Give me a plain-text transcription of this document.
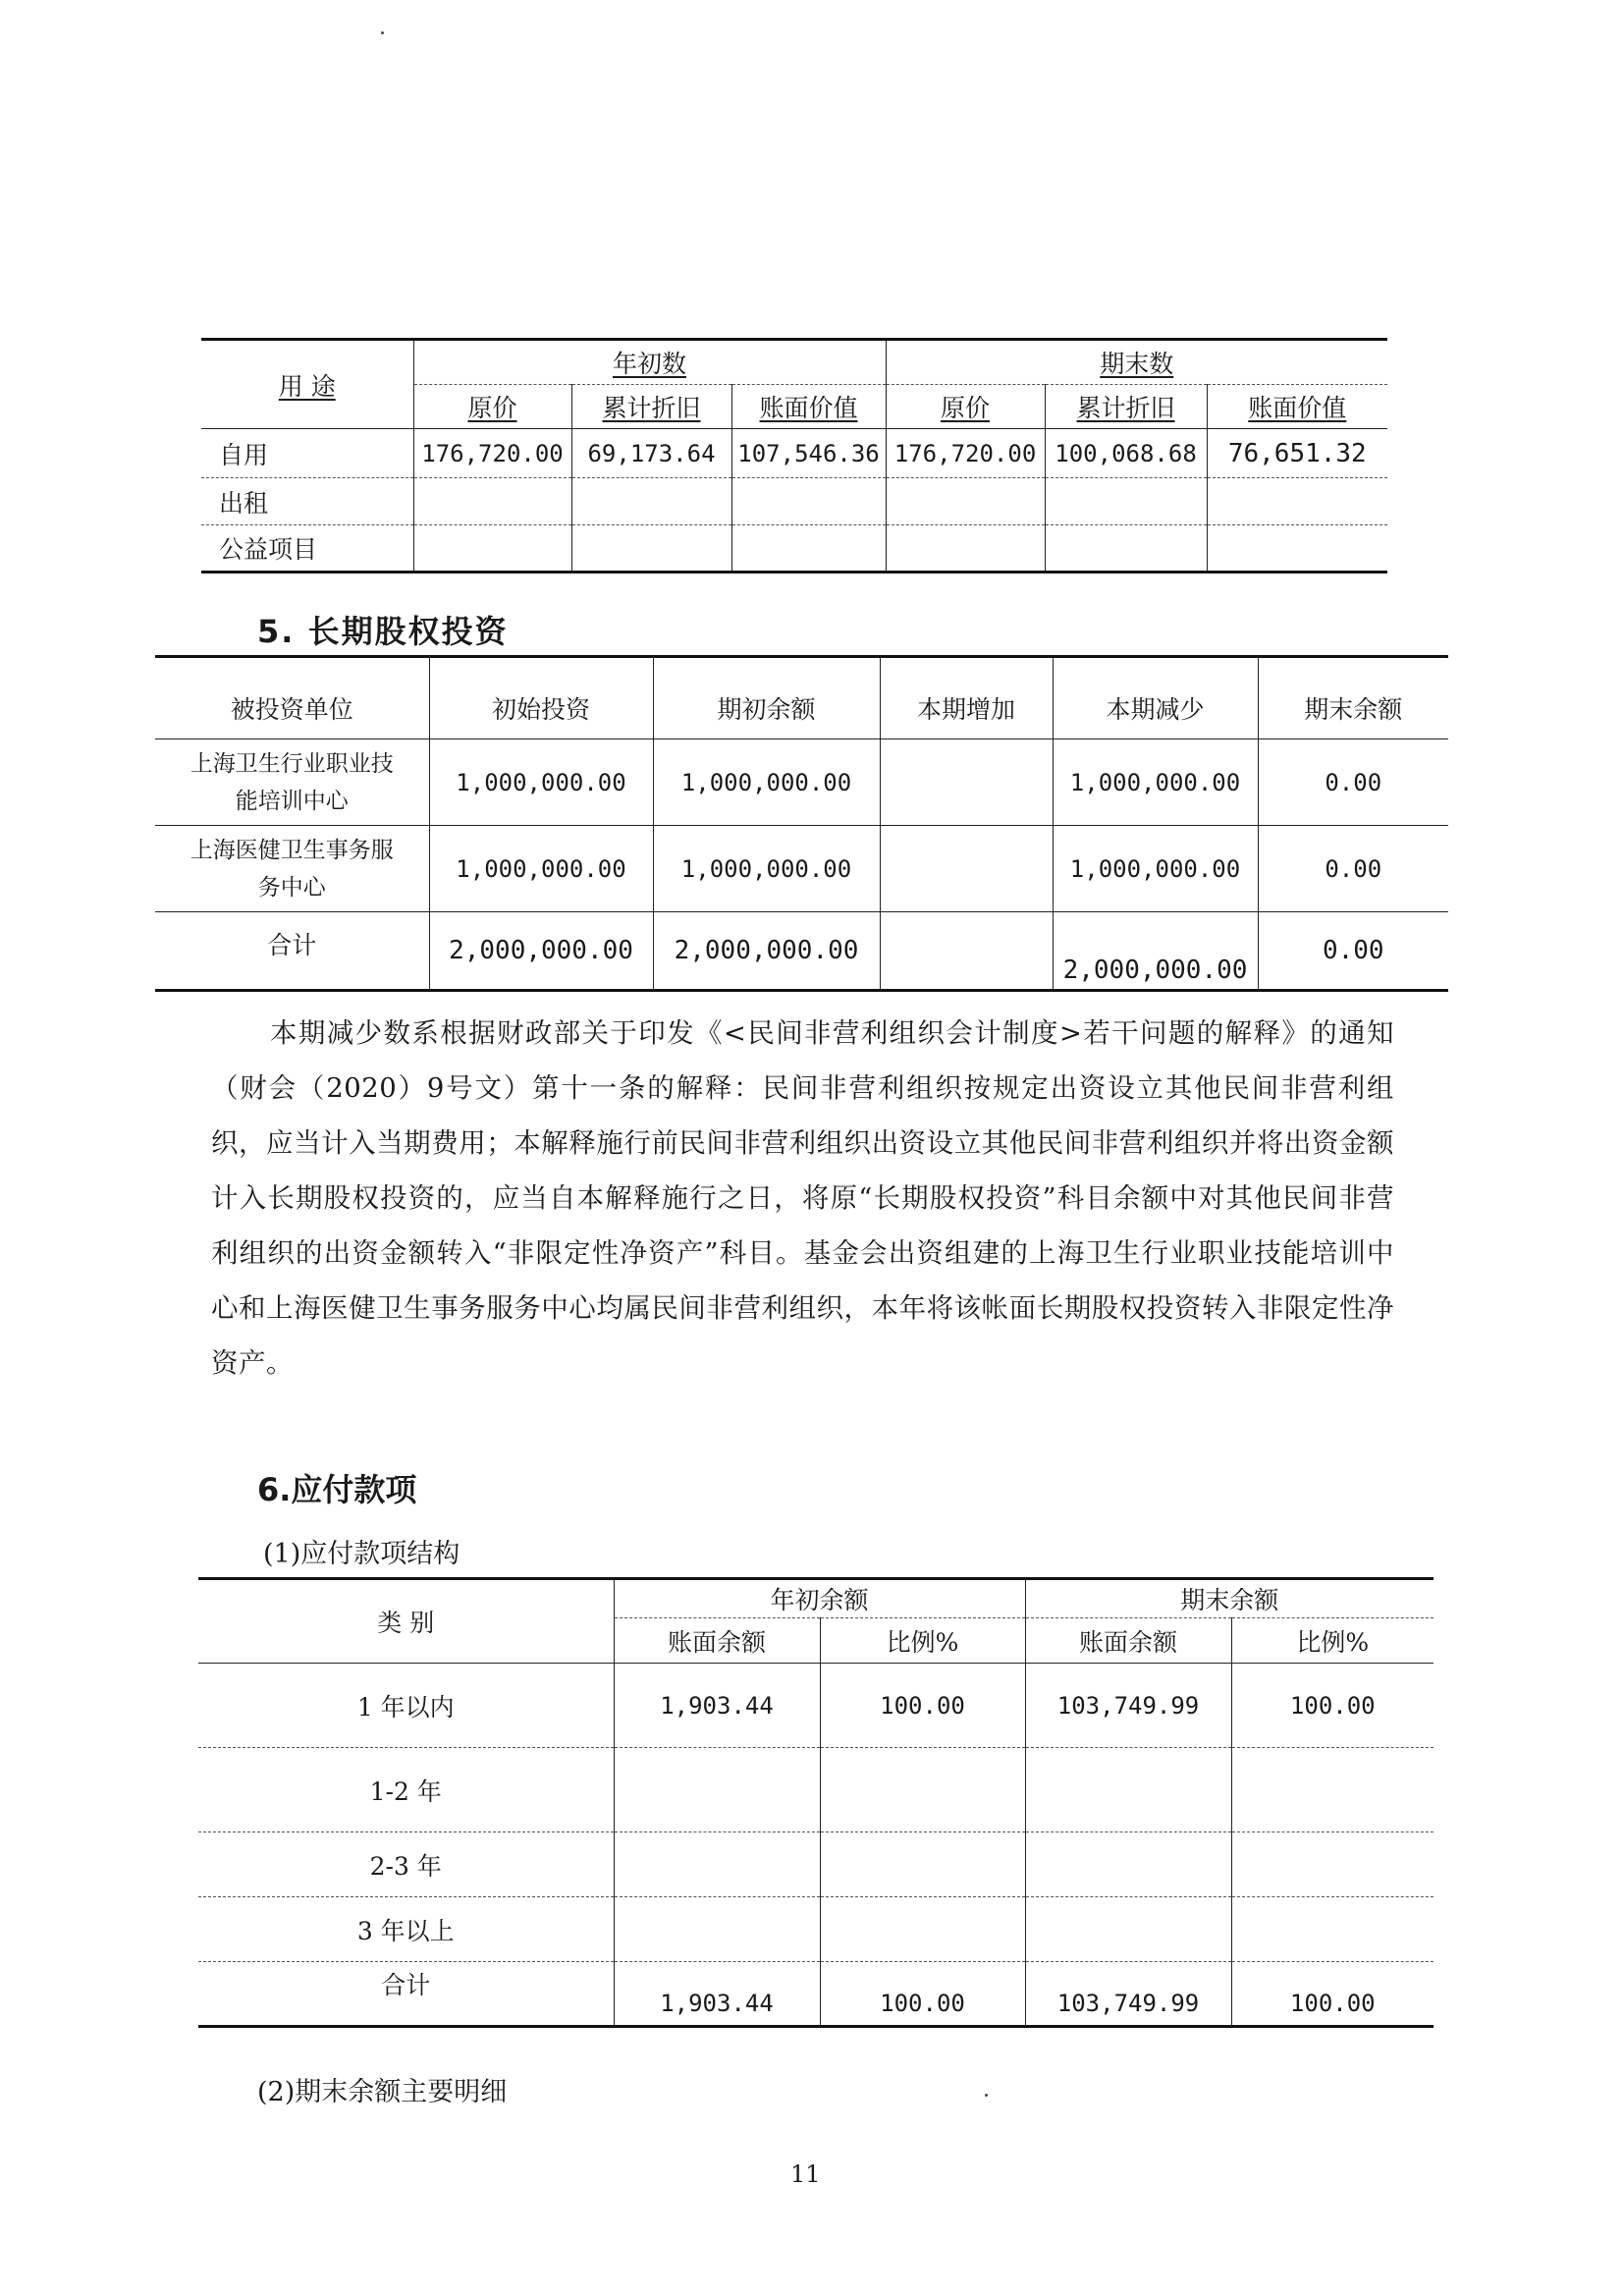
用 途	年初数			期末数		
	原价	累计折旧	账面价值	原价	累计折旧	账面价值
自用	176,720.00	69,173.64	107,546.36	176,720.00	100,068.68	76,651.32
出租						
公益项目						
5. 长期股权投资
被投资单位	初始投资	期初余额	本期增加	本期减少	期末余额

上海卫生行业职业技
能培训中心	1,000,000.00	1,000,000.00		1,000,000.00	0.00

上海医健卫生事务服
务中心	1,000,000.00	1,000,000.00		1,000,000.00	0.00
合计	2,000,000.00	2,000,000.00		2,000,000.00	0.00
本期减少数系根据财政部关于印发《<民间非营利组织会计制度>若干问题的解释》的通知（财会（2020）9号文）第十一条的解释：民间非营利组织按规定出资设立其他民间非营利组织，应当计入当期费用；本解释施行前民间非营利组织出资设立其他民间非营利组织并将出资金额计入长期股权投资的，应当自本解释施行之日，将原“长期股权投资”科目余额中对其他民间非营利组织的出资金额转入“非限定性净资产”科目。基金会出资组建的上海卫生行业职业技能培训中心和上海医健卫生事务服务中心均属民间非营利组织，本年将该帐面长期股权投资转入非限定性净资产。
6.应付款项
(1)应付款项结构
类 别	年初余额		期末余额	
	账面余额	比例%	账面余额	比例%
1 年以内	1,903.44	100.00	103,749.99	100.00
1-2 年				
2-3 年				
3 年以上				
合计	1,903.44	100.00	103,749.99	100.00
(2)期末余额主要明细
11
